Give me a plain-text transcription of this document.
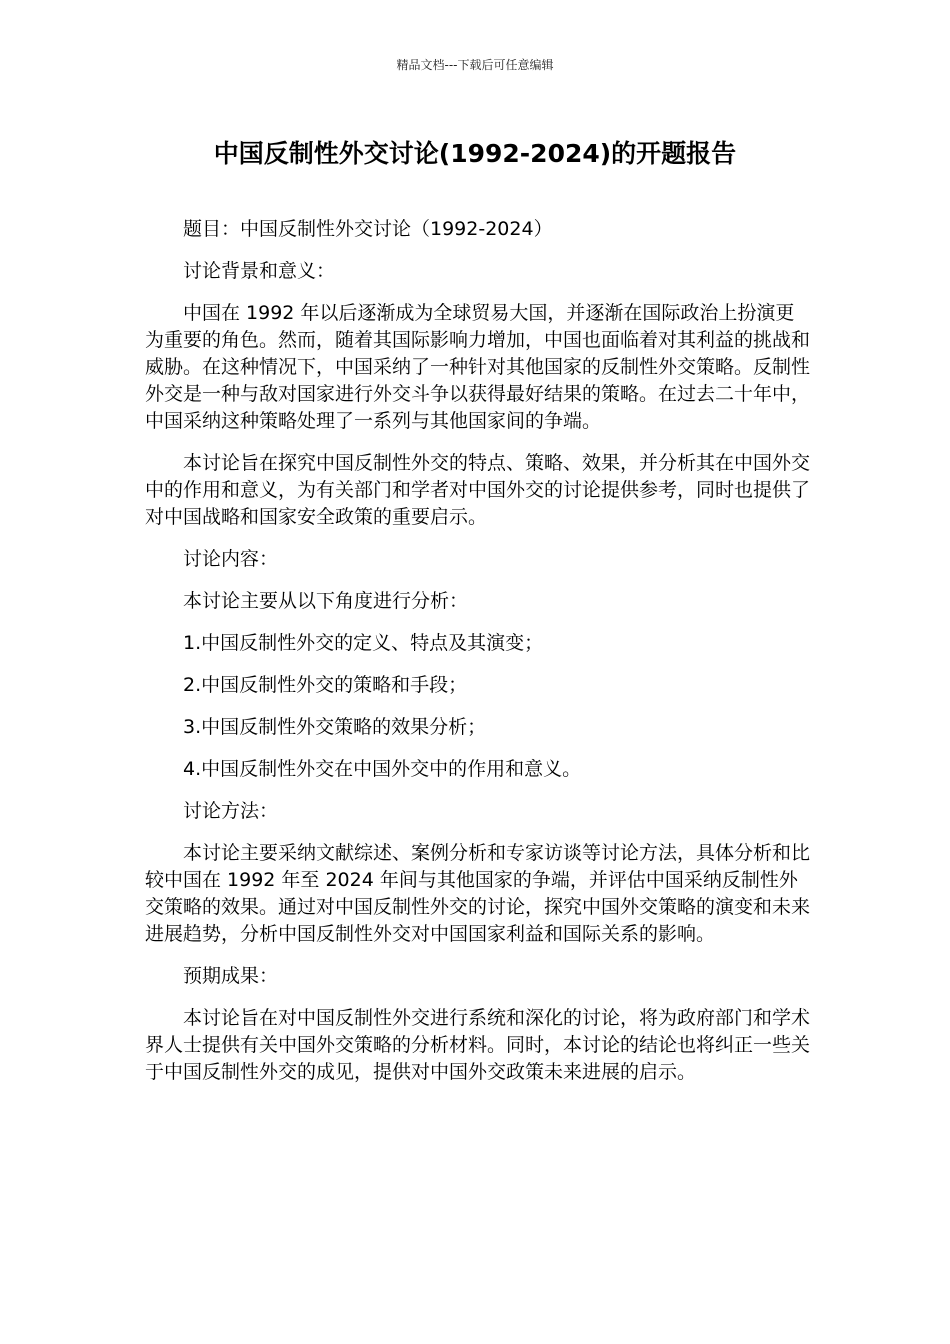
精品文档---下载后可任意编辑
中国反制性外交讨论(1992-2024)的开题报告

题目：中国反制性外交讨论（1992-2024）

讨论背景和意义：

中国在 1992 年以后逐渐成为全球贸易大国，并逐渐在国际政治上扮演更为重要的角色。然而，随着其国际影响力增加，中国也面临着对其利益的挑战和威胁。在这种情况下，中国采纳了一种针对其他国家的反制性外交策略。反制性外交是一种与敌对国家进行外交斗争以获得最好结果的策略。在过去二十年中，中国采纳这种策略处理了一系列与其他国家间的争端。

本讨论旨在探究中国反制性外交的特点、策略、效果，并分析其在中国外交中的作用和意义，为有关部门和学者对中国外交的讨论提供参考，同时也提供了对中国战略和国家安全政策的重要启示。

讨论内容：

本讨论主要从以下角度进行分析：

1.中国反制性外交的定义、特点及其演变；

2.中国反制性外交的策略和手段；

3.中国反制性外交策略的效果分析；

4.中国反制性外交在中国外交中的作用和意义。

讨论方法：

本讨论主要采纳文献综述、案例分析和专家访谈等讨论方法，具体分析和比较中国在 1992 年至 2024 年间与其他国家的争端，并评估中国采纳反制性外交策略的效果。通过对中国反制性外交的讨论，探究中国外交策略的演变和未来进展趋势，分析中国反制性外交对中国国家利益和国际关系的影响。

预期成果：

本讨论旨在对中国反制性外交进行系统和深化的讨论，将为政府部门和学术界人士提供有关中国外交策略的分析材料。同时，本讨论的结论也将纠正一些关于中国反制性外交的成见，提供对中国外交政策未来进展的启示。
